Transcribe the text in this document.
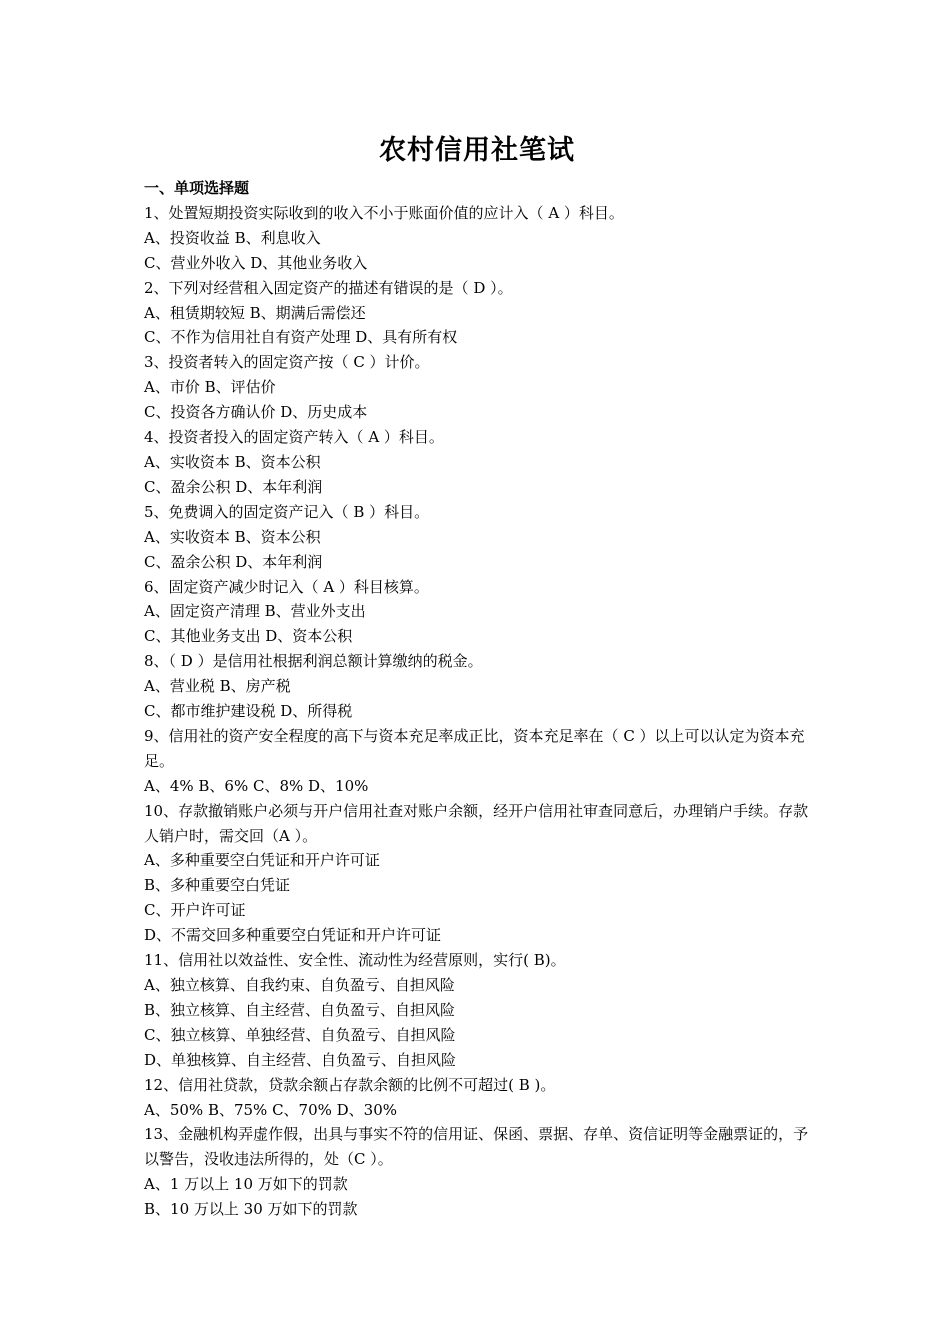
农村信用社笔试

一、单项选择题

1、处置短期投资实际收到的收入不小于账面价值的应计入（ A ）科目。

A、投资收益 B、利息收入

C、营业外收入 D、其他业务收入

2、下列对经营租入固定资产的描述有错误的是（ D ）。

A、租赁期较短 B、期满后需偿还

C、不作为信用社自有资产处理 D、具有所有权

3、投资者转入的固定资产按（ C ）计价。

A、市价 B、评估价

C、投资各方确认价 D、历史成本

4、投资者投入的固定资产转入（ A ）科目。

A、实收资本 B、资本公积

C、盈余公积 D、本年利润

5、免费调入的固定资产记入（ B ）科目。

A、实收资本 B、资本公积

C、盈余公积 D、本年利润

6、固定资产减少时记入（ A ）科目核算。

A、固定资产清理 B、营业外支出

C、其他业务支出 D、资本公积

8、（ D ）是信用社根据利润总额计算缴纳的税金。

A、营业税 B、房产税

C、都市维护建设税 D、所得税

9、信用社的资产安全程度的高下与资本充足率成正比，资本充足率在（ C ）以上可以认定为资本充足。

A、4% B、6% C、8% D、10%

10、存款撤销账户必须与开户信用社查对账户余额，经开户信用社审查同意后，办理销户手续。存款人销户时，需交回（A ）。

A、多种重要空白凭证和开户许可证

B、多种重要空白凭证

C、开户许可证

D、不需交回多种重要空白凭证和开户许可证

11、信用社以效益性、安全性、流动性为经营原则，实行( B)。

A、独立核算、自我约束、自负盈亏、自担风险

B、独立核算、自主经营、自负盈亏、自担风险

C、独立核算、单独经营、自负盈亏、自担风险

D、单独核算、自主经营、自负盈亏、自担风险

12、信用社贷款，贷款余额占存款余额的比例不可超过( B )。

A、50% B、75% C、70% D、30%

13、金融机构弄虚作假，出具与事实不符的信用证、保函、票据、存单、资信证明等金融票证的，予以警告，没收违法所得的，处（C ）。

A、1 万以上 10 万如下的罚款

B、10 万以上 30 万如下的罚款
